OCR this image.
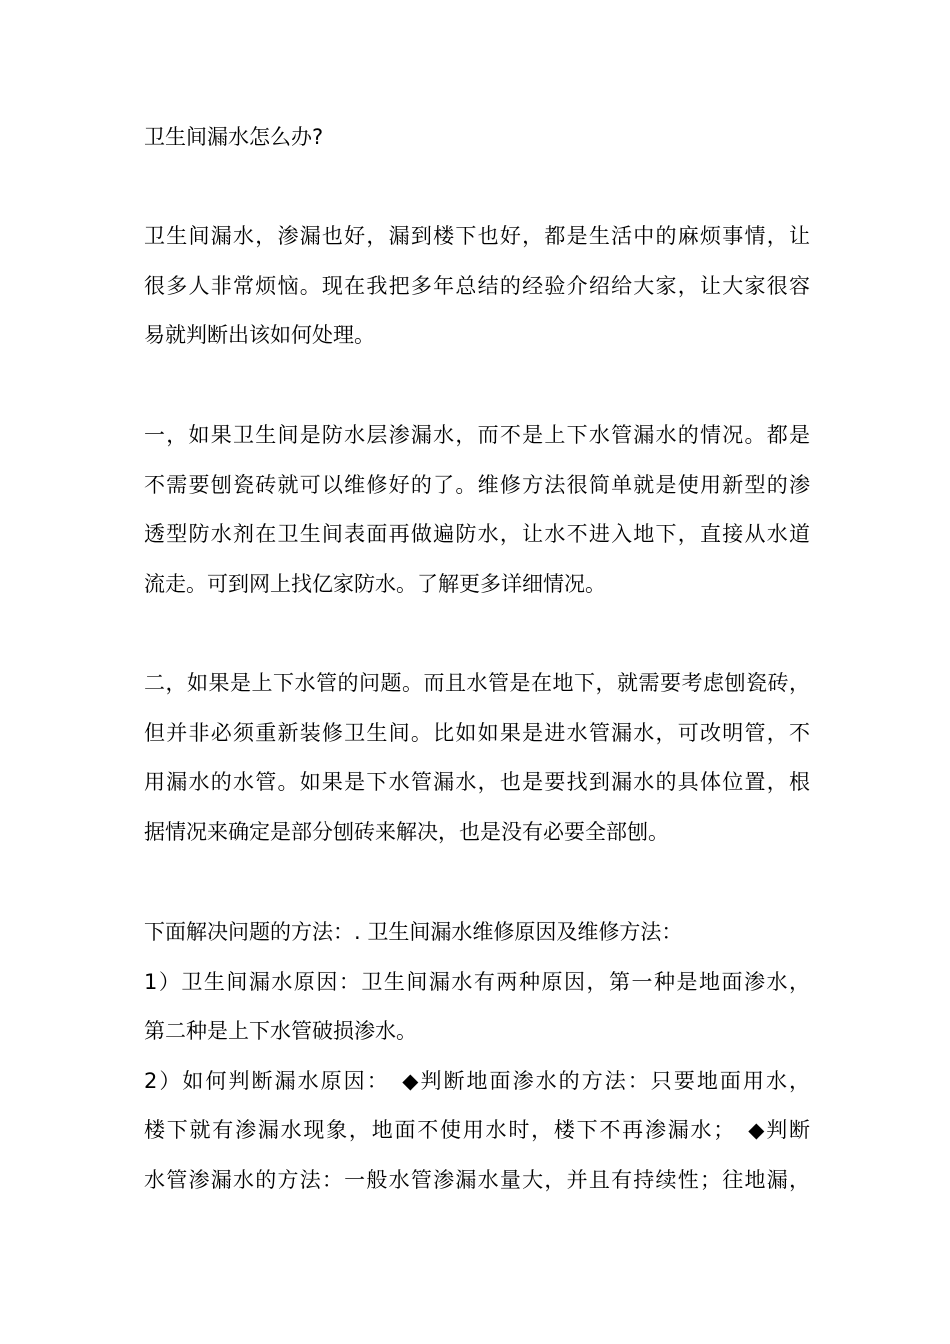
卫生间漏水怎么办?
卫生间漏水，渗漏也好，漏到楼下也好，都是生活中的麻烦事情，让
很多人非常烦恼。现在我把多年总结的经验介绍给大家，让大家很容
易就判断出该如何处理。
一，如果卫生间是防水层渗漏水，而不是上下水管漏水的情况。都是
不需要刨瓷砖就可以维修好的了。维修方法很简单就是使用新型的渗
透型防水剂在卫生间表面再做遍防水，让水不进入地下，直接从水道
流走。可到网上找亿家防水。了解更多详细情况。
二，如果是上下水管的问题。而且水管是在地下，就需要考虑刨瓷砖，
但并非必须重新装修卫生间。比如如果是进水管漏水，可改明管，不
用漏水的水管。如果是下水管漏水，也是要找到漏水的具体位置，根
据情况来确定是部分刨砖来解决，也是没有必要全部刨。
下面解决问题的方法：. 卫生间漏水维修原因及维修方法：
1）卫生间漏水原因：卫生间漏水有两种原因，第一种是地面渗水，
第二种是上下水管破损渗水。
2）如何判断漏水原因：　◆判断地面渗水的方法：只要地面用水，
楼下就有渗漏水现象，地面不使用水时，楼下不再渗漏水；　◆判断
水管渗漏水的方法：一般水管渗漏水量大，并且有持续性；往地漏，
